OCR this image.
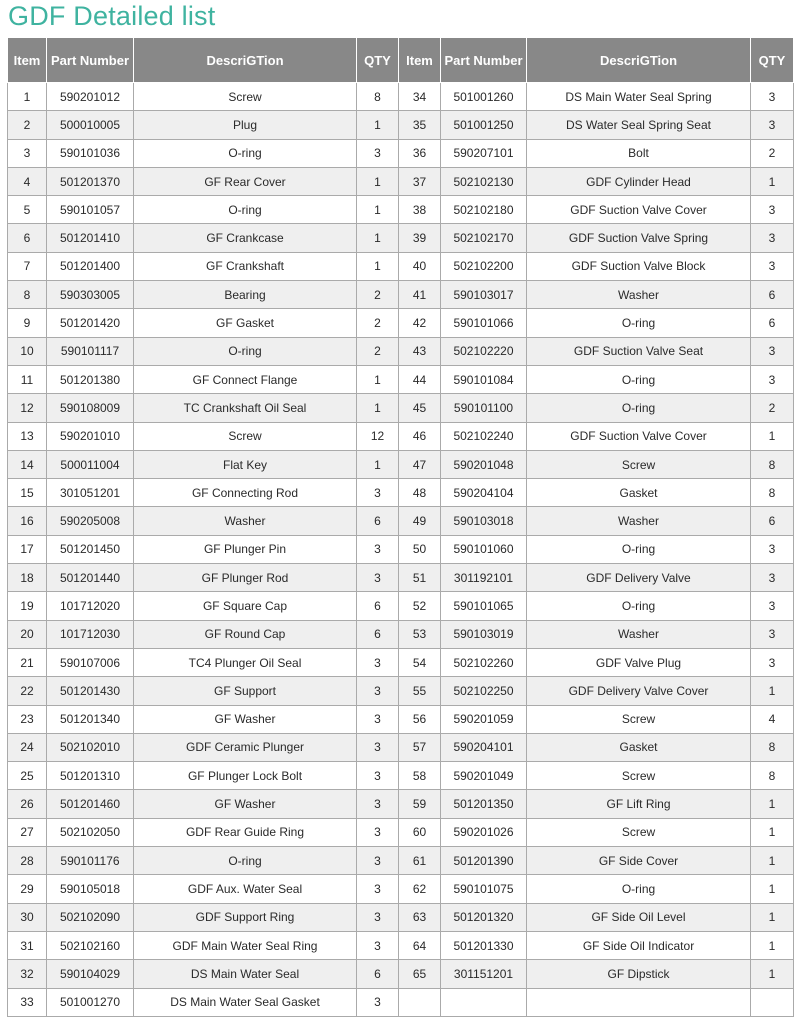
GDF Detailed list
Item	Part Number	DescriGTion	QTY	Item	Part Number	DescriGTion	QTY
1	590201012	Screw	8	34	501001260	DS Main Water Seal Spring	3
2	500010005	Plug	1	35	501001250	DS Water Seal Spring Seat	3
3	590101036	O-ring	3	36	590207101	Bolt	2
4	501201370	GF Rear Cover	1	37	502102130	GDF Cylinder Head	1
5	590101057	O-ring	1	38	502102180	GDF Suction Valve Cover	3
6	501201410	GF Crankcase	1	39	502102170	GDF Suction Valve Spring	3
7	501201400	GF Crankshaft	1	40	502102200	GDF Suction Valve Block	3
8	590303005	Bearing	2	41	590103017	Washer	6
9	501201420	GF Gasket	2	42	590101066	O-ring	6
10	590101117	O-ring	2	43	502102220	GDF Suction Valve Seat	3
11	501201380	GF Connect Flange	1	44	590101084	O-ring	3
12	590108009	TC Crankshaft Oil Seal	1	45	590101100	O-ring	2
13	590201010	Screw	12	46	502102240	GDF Suction Valve Cover	1
14	500011004	Flat Key	1	47	590201048	Screw	8
15	301051201	GF Connecting Rod	3	48	590204104	Gasket	8
16	590205008	Washer	6	49	590103018	Washer	6
17	501201450	GF Plunger Pin	3	50	590101060	O-ring	3
18	501201440	GF Plunger Rod	3	51	301192101	GDF Delivery Valve	3
19	101712020	GF Square Cap	6	52	590101065	O-ring	3
20	101712030	GF Round Cap	6	53	590103019	Washer	3
21	590107006	TC4 Plunger Oil Seal	3	54	502102260	GDF Valve Plug	3
22	501201430	GF Support	3	55	502102250	GDF Delivery Valve Cover	1
23	501201340	GF Washer	3	56	590201059	Screw	4
24	502102010	GDF Ceramic Plunger	3	57	590204101	Gasket	8
25	501201310	GF Plunger Lock Bolt	3	58	590201049	Screw	8
26	501201460	GF Washer	3	59	501201350	GF Lift Ring	1
27	502102050	GDF Rear Guide Ring	3	60	590201026	Screw	1
28	590101176	O-ring	3	61	501201390	GF Side Cover	1
29	590105018	GDF Aux. Water Seal	3	62	590101075	O-ring	1
30	502102090	GDF Support Ring	3	63	501201320	GF Side Oil Level	1
31	502102160	GDF Main Water Seal Ring	3	64	501201330	GF Side Oil Indicator	1
32	590104029	DS Main Water Seal	6	65	301151201	GF Dipstick	1
33	501001270	DS Main Water Seal Gasket	3				
